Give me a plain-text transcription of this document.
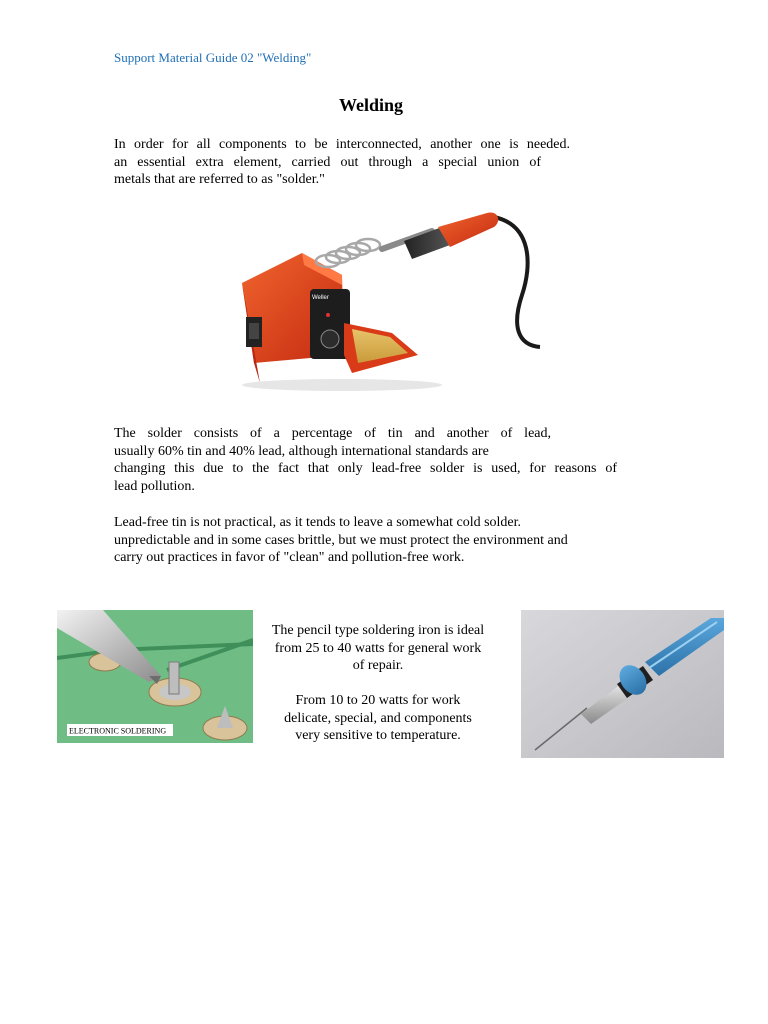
Support Material Guide 02 "Welding"
Welding
In order for all components to be interconnected, another one is needed.
an essential extra element, carried out through a special union of
metals that are referred to as "solder."
Weller
The solder consists of a percentage of tin and another of lead,
usually 60% tin and 40% lead, although international standards are
changing this due to the fact that only lead-free solder is used, for reasons of
lead pollution.
Lead-free tin is not practical, as it tends to leave a somewhat cold solder.
unpredictable and in some cases brittle, but we must protect the environment and
carry out practices in favor of "clean" and pollution-free work.
ELECTRONIC SOLDERING
The pencil type soldering iron is ideal
from 25 to 40 watts for general work
of repair.
From 10 to 20 watts for work
delicate, special, and components
very sensitive to temperature.
